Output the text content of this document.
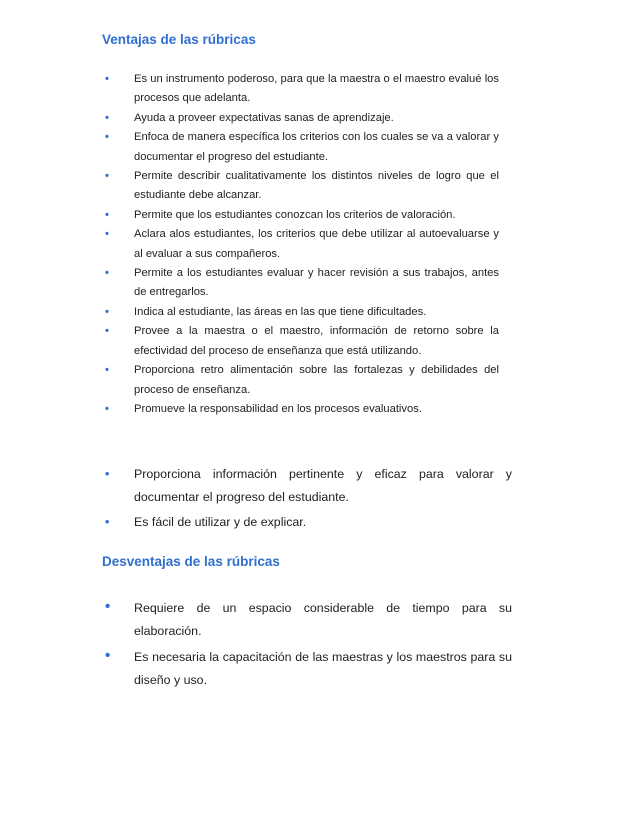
Ventajas de las rúbricas
• Es un instrumento poderoso, para que la maestra o el maestro evalué los procesos que adelanta.
• Ayuda a proveer expectativas sanas de aprendizaje.
• Enfoca de manera específica los criterios con los cuales se va a valorar y documentar el progreso del estudiante.
• Permite describir cualitativamente los distintos niveles de logro que el estudiante debe alcanzar.
• Permite que los estudiantes conozcan los criterios de valoración.
• Aclara alos estudiantes, los criterios que debe utilizar al autoevaluarse y al evaluar a sus compañeros.
• Permite a los estudiantes evaluar y hacer revisión a sus trabajos, antes de entregarlos.
• Indica al estudiante, las áreas en las que tiene dificultades.
• Provee a la maestra o el maestro, información de retorno sobre la efectividad del proceso de enseñanza que está utilizando.
• Proporciona retro alimentación sobre las fortalezas y debilidades del proceso de enseñanza.
• Promueve la responsabilidad en los procesos evaluativos.
• Proporciona información pertinente y eficaz para valorar y documentar el progreso del estudiante.
• Es fácil de utilizar y de explicar.
Desventajas de las rúbricas
• Requiere de un espacio considerable de tiempo para su elaboración.
• Es necesaria la capacitación de las maestras y los maestros para su diseño y uso.
